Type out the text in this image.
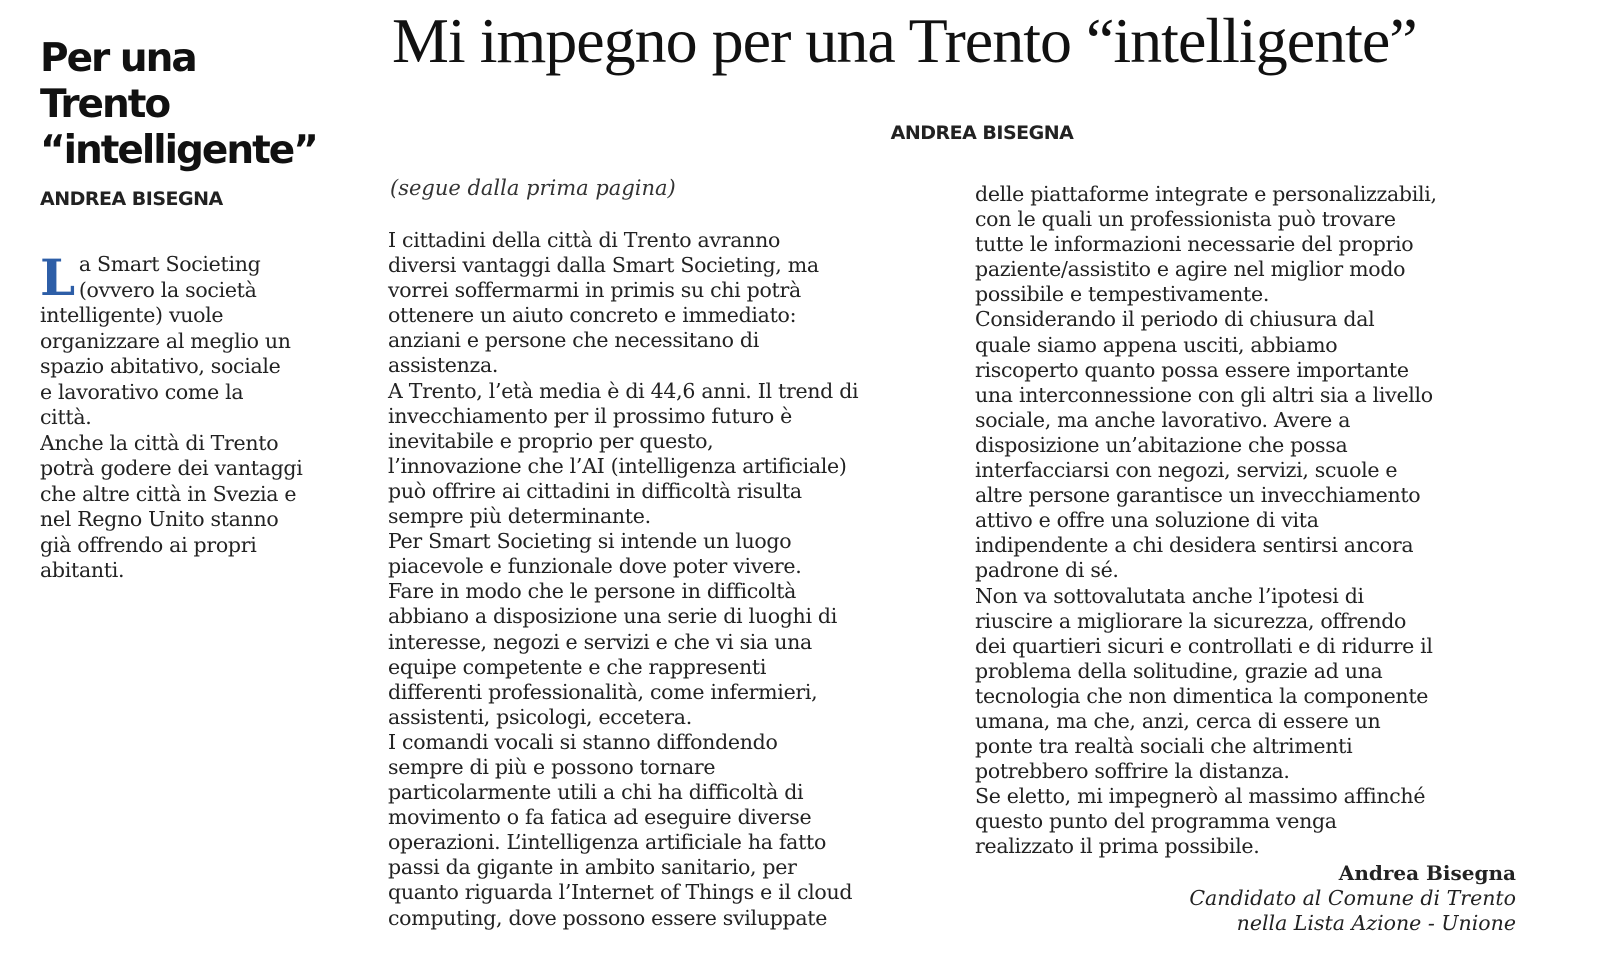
Per una Trento
“intelligente”
ANDREA BISEGNA
L a Smart Societing
(ovvero la società
intelligente) vuole
organizzare al meglio un
spazio abitativo, sociale
e lavorativo come la
città.
Anche la città di Trento
potrà godere dei vantaggi
che altre città in Svezia e
nel Regno Unito stanno
già offrendo ai propri
abitanti.
Mi impegno per una Trento “intelligente”
ANDREA BISEGNA
(segue dalla prima pagina)
I cittadini della città di Trento avranno
diversi vantaggi dalla Smart Societing, ma
vorrei soffermarmi in primis su chi potrà
ottenere un aiuto concreto e immediato:
anziani e persone che necessitano di
assistenza.
A Trento, l’età media è di 44,6 anni. Il trend di
invecchiamento per il prossimo futuro è
inevitabile e proprio per questo,
l’innovazione che l’AI (intelligenza artificiale)
può offrire ai cittadini in difficoltà risulta
sempre più determinante.
Per Smart Societing si intende un luogo
piacevole e funzionale dove poter vivere.
Fare in modo che le persone in difficoltà
abbiano a disposizione una serie di luoghi di
interesse, negozi e servizi e che vi sia una
equipe competente e che rappresenti
differenti professionalità, come infermieri,
assistenti, psicologi, eccetera.
I comandi vocali si stanno diffondendo
sempre di più e possono tornare
particolarmente utili a chi ha difficoltà di
movimento o fa fatica ad eseguire diverse
operazioni. L’intelligenza artificiale ha fatto
passi da gigante in ambito sanitario, per
quanto riguarda l’Internet of Things e il cloud
computing, dove possono essere sviluppate
delle piattaforme integrate e personalizzabili,
con le quali un professionista può trovare
tutte le informazioni necessarie del proprio
paziente/assistito e agire nel miglior modo
possibile e tempestivamente.
Considerando il periodo di chiusura dal
quale siamo appena usciti, abbiamo
riscoperto quanto possa essere importante
una interconnessione con gli altri sia a livello
sociale, ma anche lavorativo. Avere a
disposizione un’abitazione che possa
interfacciarsi con negozi, servizi, scuole e
altre persone garantisce un invecchiamento
attivo e offre una soluzione di vita
indipendente a chi desidera sentirsi ancora
padrone di sé.
Non va sottovalutata anche l’ipotesi di
riuscire a migliorare la sicurezza, offrendo
dei quartieri sicuri e controllati e di ridurre il
problema della solitudine, grazie ad una
tecnologia che non dimentica la componente
umana, ma che, anzi, cerca di essere un
ponte tra realtà sociali che altrimenti
potrebbero soffrire la distanza.
Se eletto, mi impegnerò al massimo affinché
questo punto del programma venga
realizzato il prima possibile.
Andrea Bisegna
Candidato al Comune di Trento
nella Lista Azione - Unione
